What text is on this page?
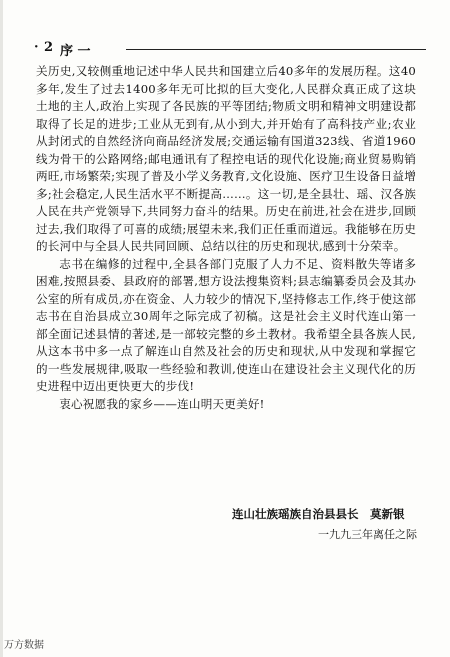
· 2 序 一

关历史,又较侧重地记述中华人民共和国建立后40多年的发展历程。这40多年,发生了过去1400多年无可比拟的巨大变化,人民群众真正成了这块土地的主人,政治上实现了各民族的平等团结;物质文明和精神文明建设都取得了长足的进步;工业从无到有,从小到大,并开始有了高科技产业;农业从封闭式的自然经济向商品经济发展;交通运输有国道323线、省道1960线为骨干的公路网络;邮电通讯有了程控电话的现代化设施;商业贸易购销两旺,市场繁荣;实现了普及小学义务教育,文化设施、医疗卫生设备日益增多;社会稳定,人民生活水平不断提高……。这一切,是全县壮、瑶、汉各族人民在共产党领导下,共同努力奋斗的结果。历史在前进,社会在进步,回顾过去,我们取得了可喜的成绩;展望未来,我们正任重而道远。我能够在历史的长河中与全县人民共同回顾、总结以往的历史和现状,感到十分荣幸。

志书在编修的过程中,全县各部门克服了人力不足、资料散失等诸多困难,按照县委、县政府的部署,想方设法搜集资料;县志编纂委员会及其办公室的所有成员,亦在资金、人力较少的情况下,坚持修志工作,终于使这部志书在自治县成立30周年之际完成了初稿。这是社会主义时代连山第一部全面记述县情的著述,是一部较完整的乡土教材。我希望全县各族人民,从这本书中多一点了解连山自然及社会的历史和现状,从中发现和掌握它的一些发展规律,吸取一些经验和教训,使连山在建设社会主义现代化的历史进程中迈出更快更大的步伐!

衷心祝愿我的家乡——连山明天更美好!

连山壮族瑶族自治县县长　莫新银
一九九三年离任之际
万方数据
